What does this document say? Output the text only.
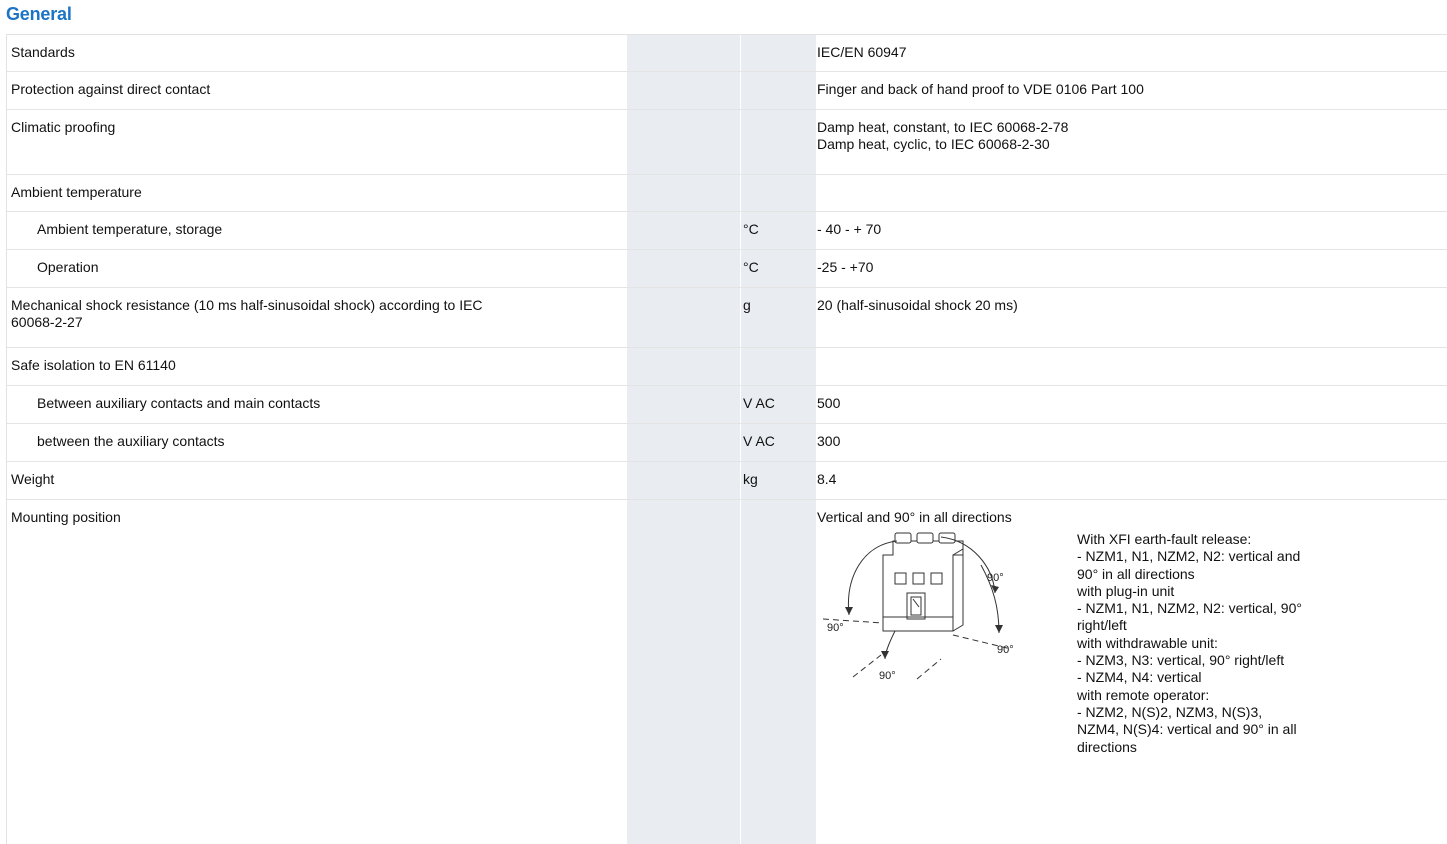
General
Standards	IEC/EN 60947
Protection against direct contact	Finger and back of hand proof to VDE 0106 Part 100
Climatic proofing	Damp heat, constant, to IEC 60068-2-78
Damp heat, cyclic, to IEC 60068-2-30
Ambient temperature
Ambient temperature, storage	°C	- 40 - + 70
Operation	°C	-25 - +70
Mechanical shock resistance (10 ms half-sinusoidal shock) according to IEC
60068-2-27
g	20 (half-sinusoidal shock 20 ms)
Safe isolation to EN 61140
Between auxiliary contacts and main contacts	V AC	500
between the auxiliary contacts	V AC	300
Weight	kg	8.4
Mounting position	Vertical and 90° in all directions
90°
90°
90°
90°
With XFI earth-fault release:
- NZM1, N1, NZM2, N2: vertical and
90° in all directions
with plug-in unit
- NZM1, N1, NZM2, N2: vertical, 90°
right/left
with withdrawable unit:
- NZM3, N3: vertical, 90° right/left
- NZM4, N4: vertical
with remote operator:
- NZM2, N(S)2, NZM3, N(S)3,
NZM4, N(S)4: vertical and 90° in all
directions
